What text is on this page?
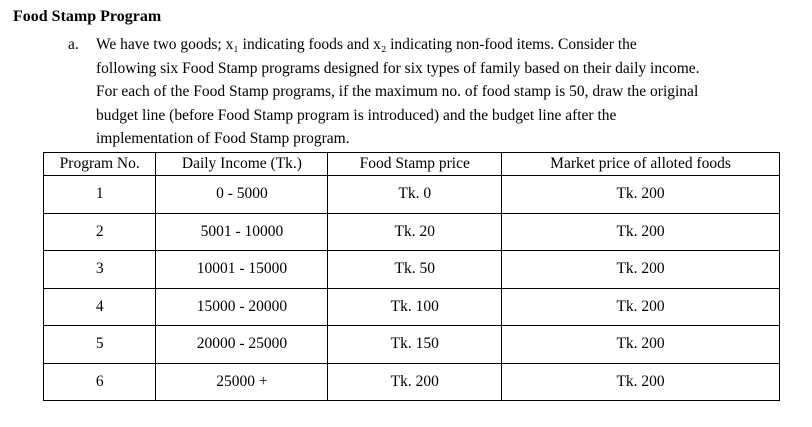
Food Stamp Program
a. We have two goods; x₁ indicating foods and x₂ indicating non-food items. Consider the
following six Food Stamp programs designed for six types of family based on their daily income.
For each of the Food Stamp programs, if the maximum no. of food stamp is 50, draw the original
budget line (before Food Stamp program is introduced) and the budget line after the
implementation of Food Stamp program.
Program No.	Daily Income (Tk.)	Food Stamp price	Market price of alloted foods
1	0 - 5000	Tk. 0	Tk. 200
2	5001 - 10000	Tk. 20	Tk. 200
3	10001 - 15000	Tk. 50	Tk. 200
4	15000 - 20000	Tk. 100	Tk. 200
5	20000 - 25000	Tk. 150	Tk. 200
6	25000 +	Tk. 200	Tk. 200
